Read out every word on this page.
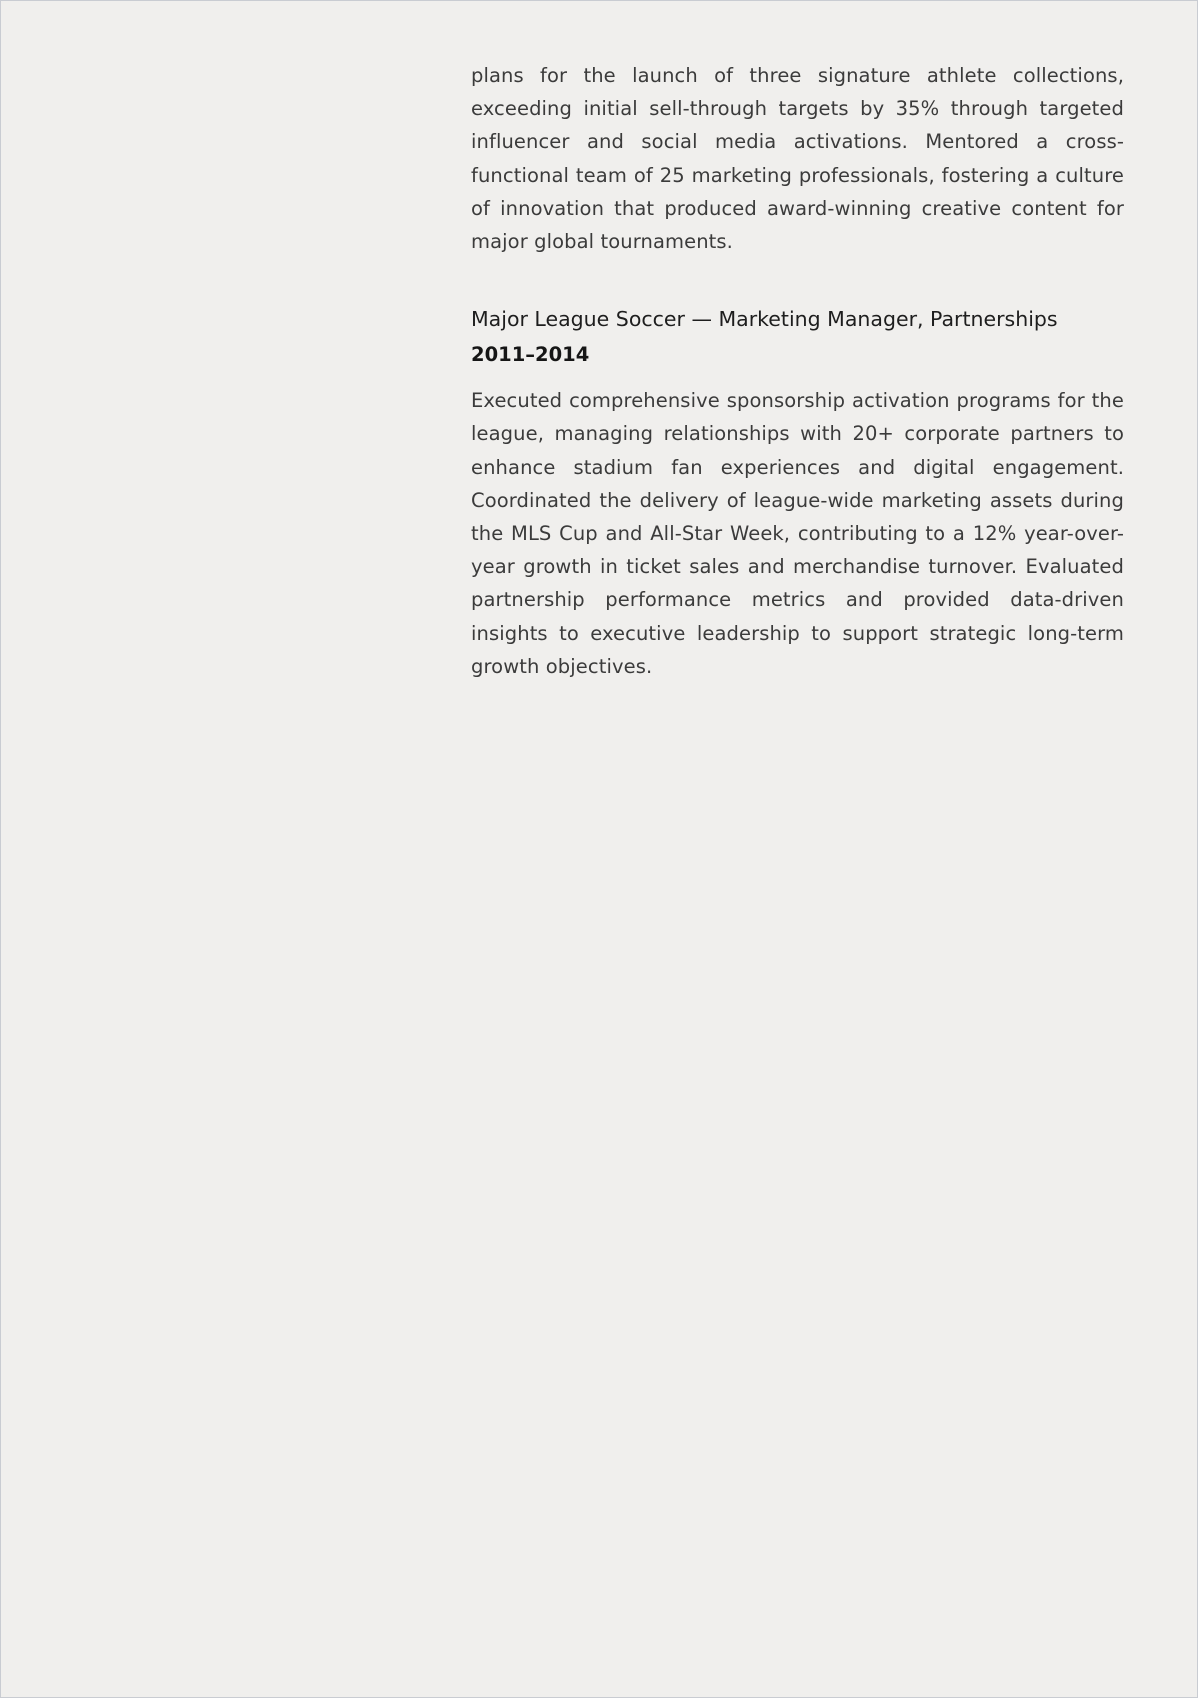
plans for the launch of three signature athlete collections, exceeding initial sell-through targets by 35% through targeted influencer and social media activations. Mentored a cross-functional team of 25 marketing professionals, fostering a culture of innovation that produced award-winning creative content for major global tournaments.

Major League Soccer — Marketing Manager, Partnerships
2011–2014

Executed comprehensive sponsorship activation programs for the league, managing relationships with 20+ corporate partners to enhance stadium fan experiences and digital engagement. Coordinated the delivery of league-wide marketing assets during the MLS Cup and All-Star Week, contributing to a 12% year-over-year growth in ticket sales and merchandise turnover. Evaluated partnership performance metrics and provided data-driven insights to executive leadership to support strategic long-term growth objectives.
